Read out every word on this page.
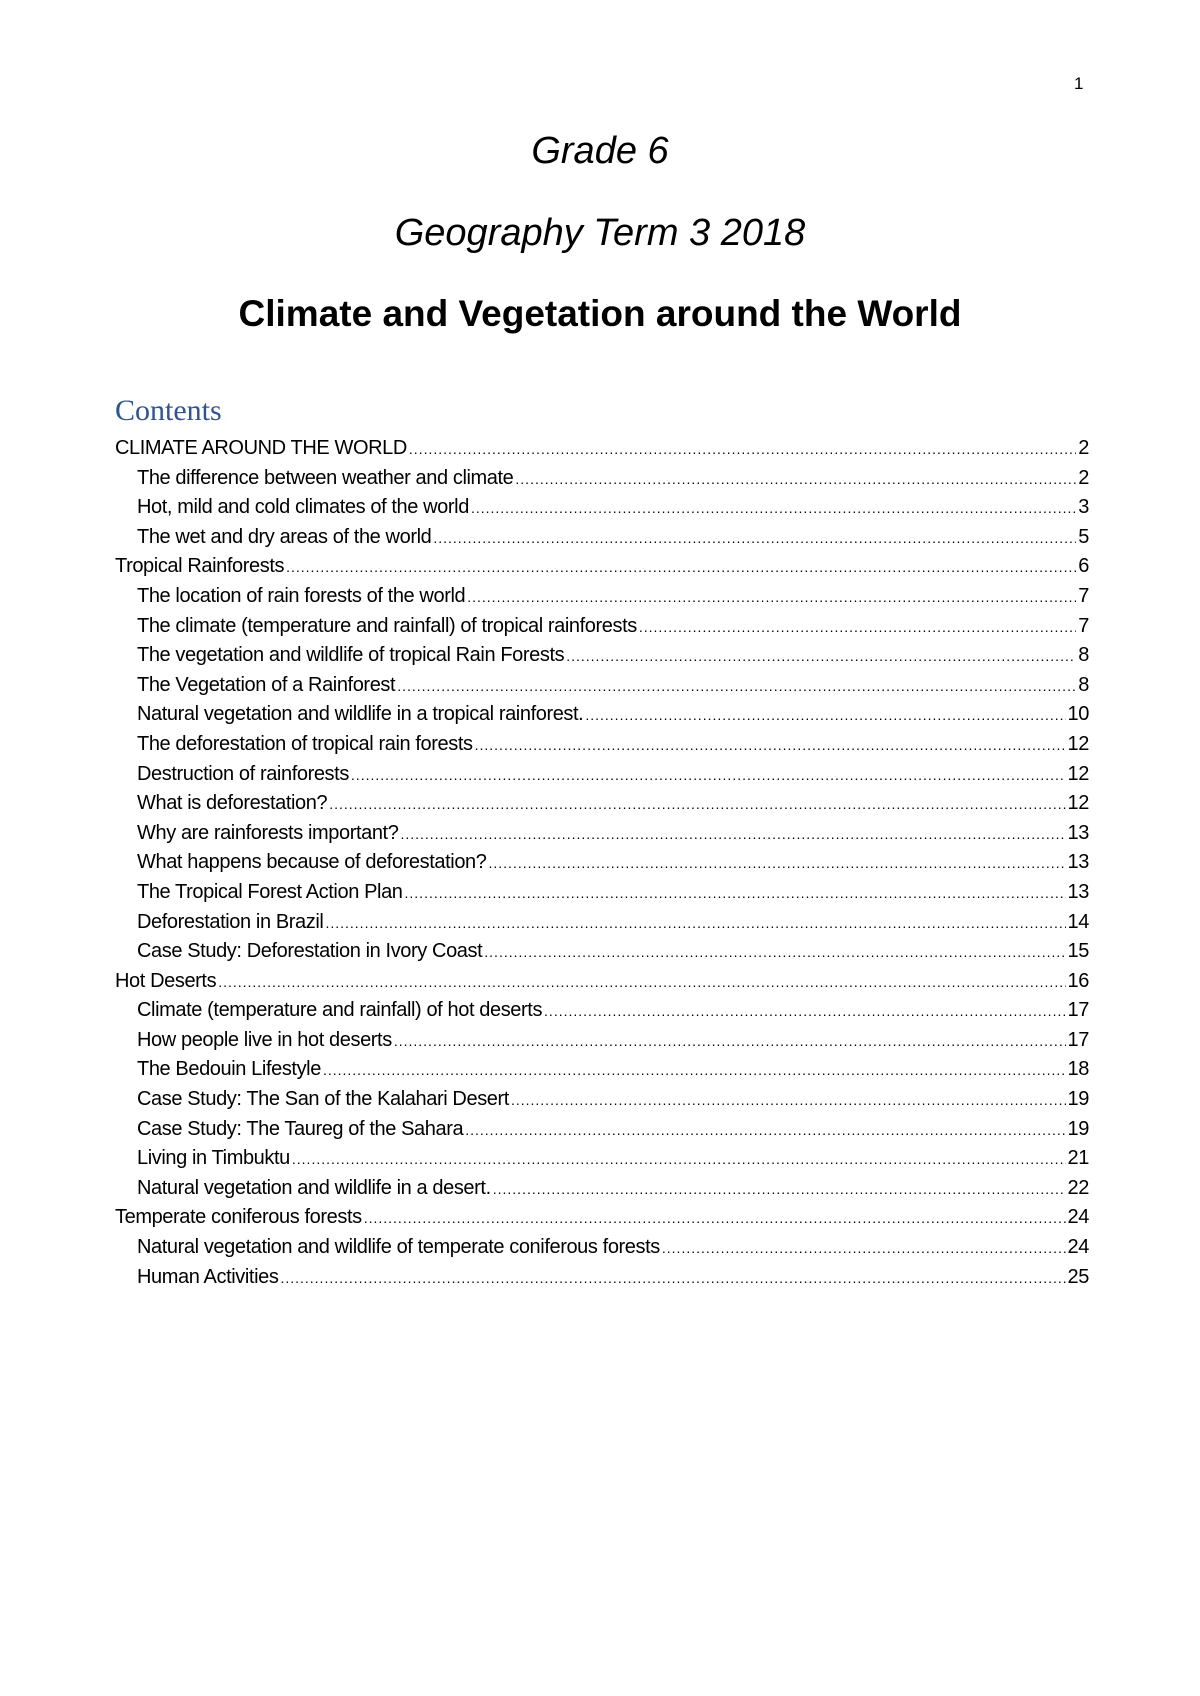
1
Grade 6
Geography Term 3 2018
Climate and Vegetation around the World
Contents
CLIMATE AROUND THE WORLD .....	2
The difference between weather and climate .....	2
Hot, mild and cold climates of the world .....	3
The wet and dry areas of the world .....	5
Tropical Rainforests .....	6
The location of rain forests of the world .....	7
The climate (temperature and rainfall) of tropical rainforests .....	7
The vegetation and wildlife of tropical Rain Forests .....	8
The Vegetation of a Rainforest .....	8
Natural vegetation and wildlife in a tropical rainforest. .....	10
The deforestation of tropical rain forests .....	12
Destruction of rainforests .....	12
What is deforestation? .....	12
Why are rainforests important? .....	13
What happens because of deforestation? .....	13
The Tropical Forest Action Plan .....	13
Deforestation in Brazil .....	14
Case Study: Deforestation in Ivory Coast .....	15
Hot Deserts .....	16
Climate (temperature and rainfall) of hot deserts .....	17
How people live in hot deserts .....	17
The Bedouin Lifestyle .....	18
Case Study: The San of the Kalahari Desert .....	19
Case Study: The Taureg of the Sahara .....	19
Living in Timbuktu .....	21
Natural vegetation and wildlife in a desert. .....	22
Temperate coniferous forests .....	24
Natural vegetation and wildlife of temperate coniferous forests .....	24
Human Activities .....	25
